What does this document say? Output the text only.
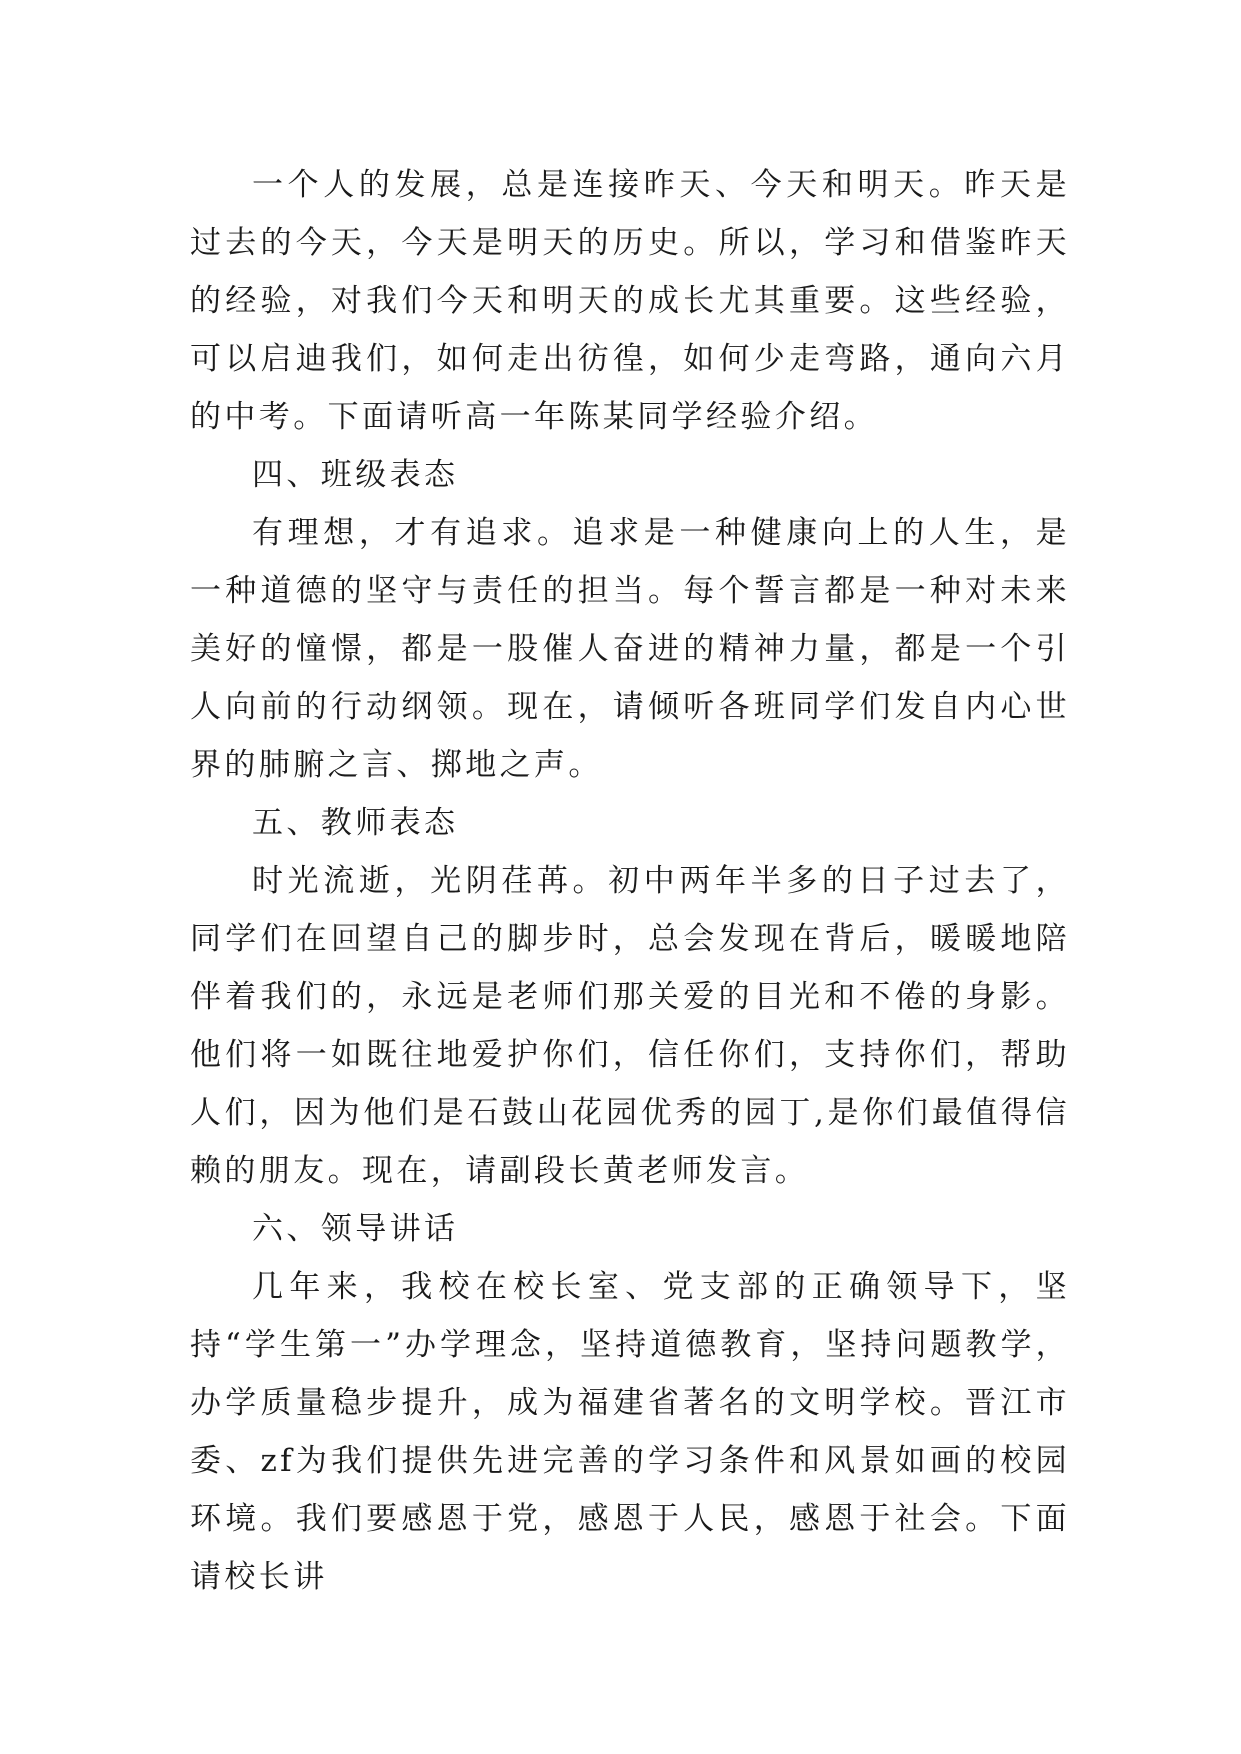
一个人的发展，总是连接昨天、今天和明天。昨天是过去的今天，今天是明天的历史。所以，学习和借鉴昨天的经验，对我们今天和明天的成长尤其重要。这些经验，可以启迪我们，如何走出彷徨，如何少走弯路，通向六月的中考。下面请听高一年陈某同学经验介绍。

四、班级表态

有理想，才有追求。追求是一种健康向上的人生，是一种道德的坚守与责任的担当。每个誓言都是一种对未来美好的憧憬，都是一股催人奋进的精神力量，都是一个引人向前的行动纲领。现在，请倾听各班同学们发自内心世界的肺腑之言、掷地之声。

五、教师表态

时光流逝，光阴荏苒。初中两年半多的日子过去了，同学们在回望自己的脚步时，总会发现在背后，暖暖地陪伴着我们的，永远是老师们那关爱的目光和不倦的身影。他们将一如既往地爱护你们，信任你们，支持你们，帮助人们，因为他们是石鼓山花园优秀的园丁,是你们最值得信赖的朋友。现在，请副段长黄老师发言。

六、领导讲话

几年来，我校在校长室、党支部的正确领导下，坚持“学生第一”办学理念，坚持道德教育，坚持问题教学，办学质量稳步提升，成为福建省著名的文明学校。晋江市委、zf为我们提供先进完善的学习条件和风景如画的校园环境。我们要感恩于党，感恩于人民，感恩于社会。下面请校长讲
